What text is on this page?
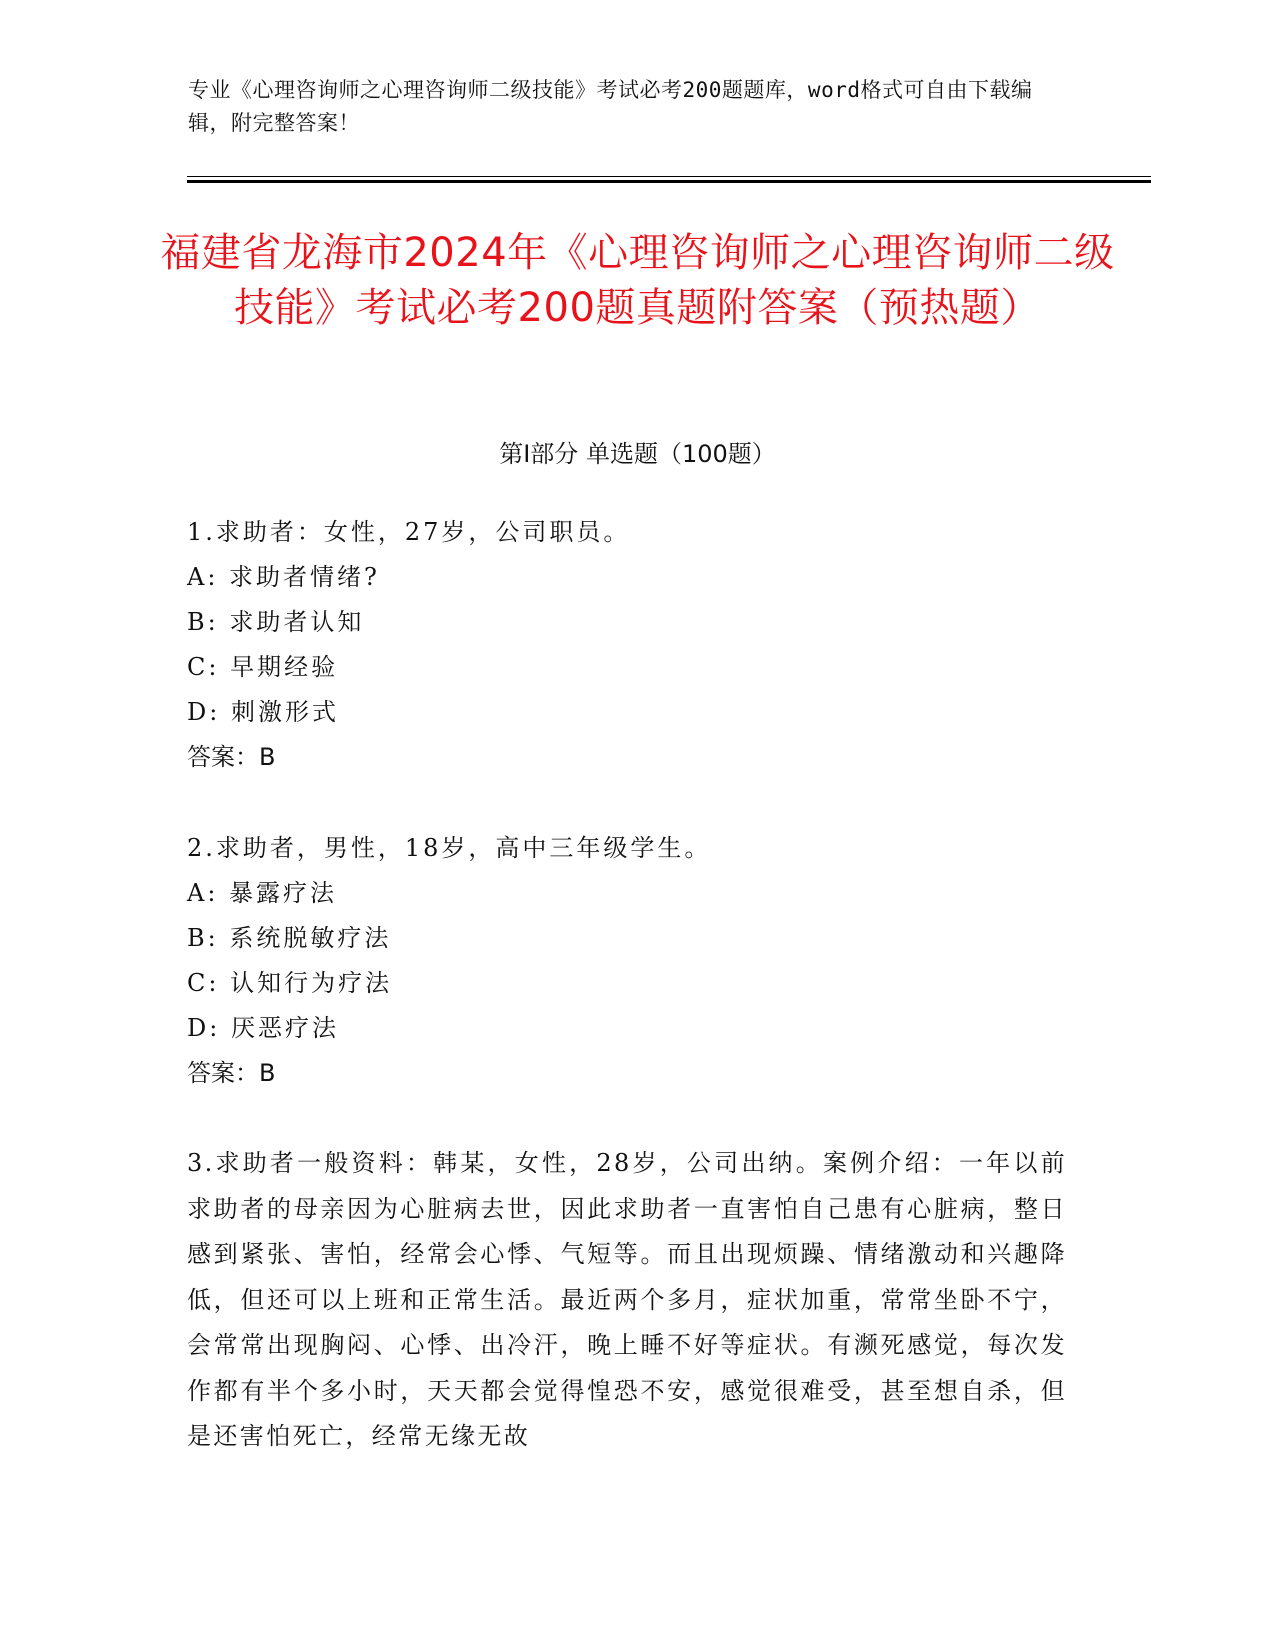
专业《心理咨询师之心理咨询师二级技能》考试必考200题题库，word格式可自由下载编辑，附完整答案！
福建省龙海市2024年《心理咨询师之心理咨询师二级技能》考试必考200题真题附答案（预热题）
第Ⅰ部分 单选题（100题）
1.求助者：女性，27岁，公司职员。
A: 求助者情绪?
B: 求助者认知
C: 早期经验
D: 刺激形式
答案：B
2.求助者，男性，18岁，高中三年级学生。
A: 暴露疗法
B: 系统脱敏疗法
C: 认知行为疗法
D: 厌恶疗法
答案：B
3.求助者一般资料：韩某，女性，28岁，公司出纳。案例介绍：一年以前求助者的母亲因为心脏病去世，因此求助者一直害怕自己患有心脏病，整日感到紧张、害怕，经常会心悸、气短等。而且出现烦躁、情绪激动和兴趣降低，但还可以上班和正常生活。最近两个多月，症状加重，常常坐卧不宁，会常常出现胸闷、心悸、出冷汗，晚上睡不好等症状。有濒死感觉，每次发作都有半个多小时，天天都会觉得惶恐不安，感觉很难受，甚至想自杀，但是还害怕死亡，经常无缘无故
